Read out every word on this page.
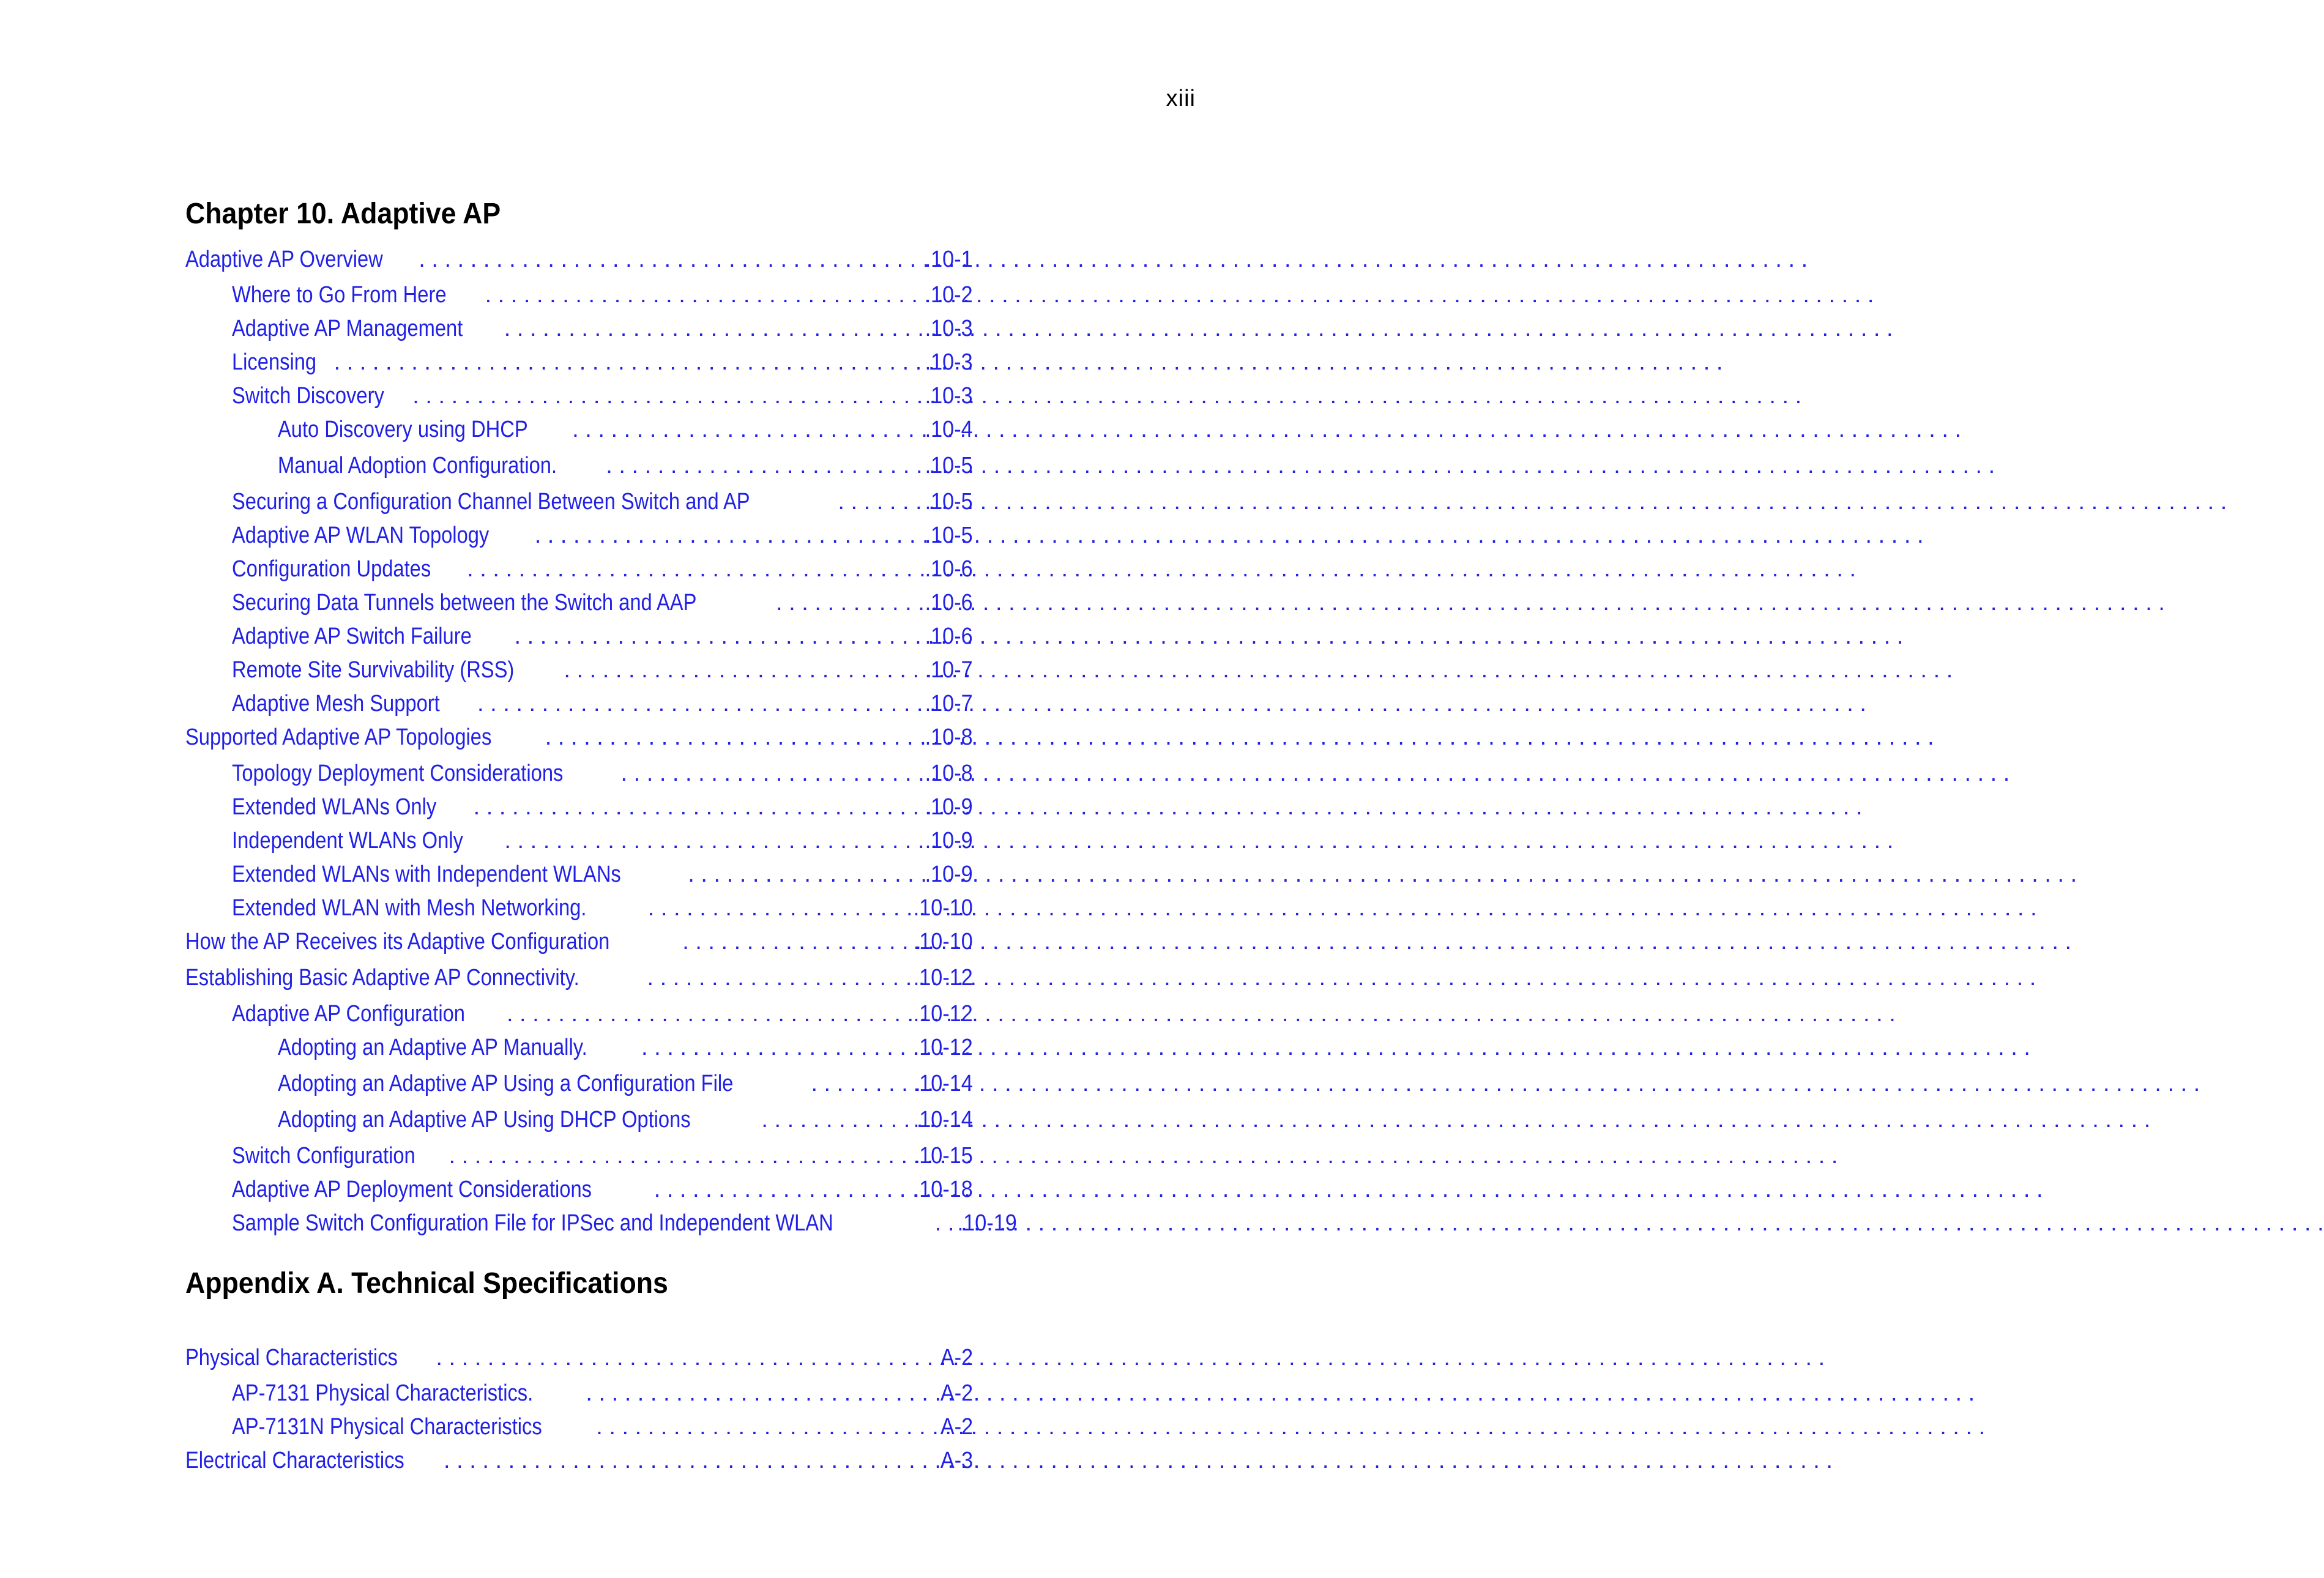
xiii
Chapter 10. Adaptive AP
Adaptive AP Overview . . .	.10-1
Where to Go From Here . . .	.10-2
Adaptive AP Management . . .	.10-3
Licensing . . .	.10-3
Switch Discovery . . .	.10-3
Auto Discovery using DHCP . . .	.10-4
Manual Adoption Configuration. . . .	.10-5
Securing a Configuration Channel Between Switch and AP . . .	.10-5
Adaptive AP WLAN Topology . . .	.10-5
Configuration Updates . . .	.10-6
Securing Data Tunnels between the Switch and AAP . . .	.10-6
Adaptive AP Switch Failure . . .	.10-6
Remote Site Survivability (RSS) . . .	.10-7
Adaptive Mesh Support . . .	.10-7
Supported Adaptive AP Topologies . . .	.10-8
Topology Deployment Considerations . . .	.10-8
Extended WLANs Only . . .	.10-9
Independent WLANs Only . . .	.10-9
Extended WLANs with Independent WLANs . . .	.10-9
Extended WLAN with Mesh Networking. . . .	.10-10
How the AP Receives its Adaptive Configuration . . .	.10-10
Establishing Basic Adaptive AP Connectivity. . . .	.10-12
Adaptive AP Configuration . . .	.10-12
Adopting an Adaptive AP Manually. . . .	.10-12
Adopting an Adaptive AP Using a Configuration File . . .	.10-14
Adopting an Adaptive AP Using DHCP Options . . .	.10-14
Switch Configuration . . .	.10-15
Adaptive AP Deployment Considerations . . .	.10-18
Sample Switch Configuration File for IPSec and Independent WLAN . . .	.10-19
Appendix A. Technical Specifications
Physical Characteristics . . .	A-2
AP-7131 Physical Characteristics. . . .	A-2
AP-7131N Physical Characteristics . . .	A-2
Electrical Characteristics . . .	A-3
